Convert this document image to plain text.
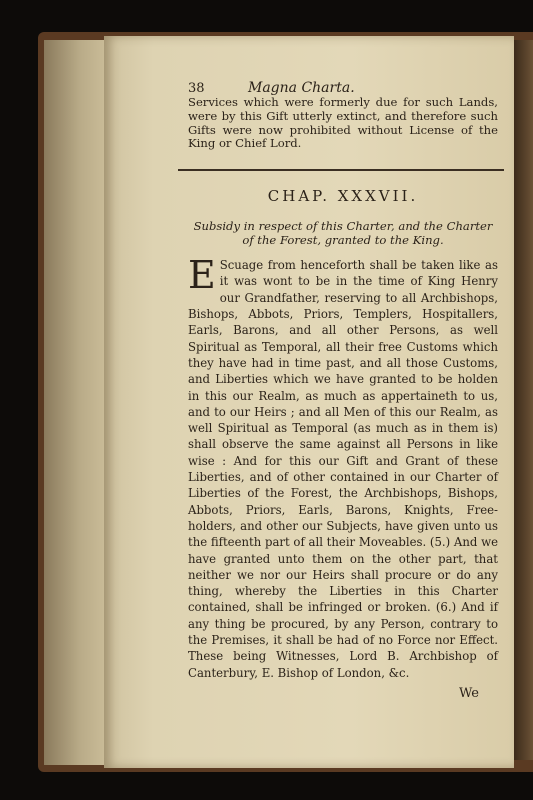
38	Magna Charta.

Services which were formerly due for such Lands, were by this Gift utterly extinct, and therefore such Gifts were now prohibited without License of the King or Chief Lord.

CHAP. XXXVII.
Subsidy in respect of this Charter, and the Charter of the Forest, granted to the King.
E Scuage from henceforth shall be taken like as it was wont to be in the time of King Henry our Grandfather, reserving to all Archbishops, Bishops, Abbots, Priors, Templers, Hospitallers, Earls, Barons, and all other Persons, as well Spiritual as Temporal, all their free Customs which they have had in time past, and all those Customs, and Liberties which we have granted to be holden in this our Realm, as much as appertaineth to us, and to our Heirs ; and all Men of this our Realm, as well Spiritual as Temporal (as much as in them is) shall observe the same against all Persons in like wise : And for this our Gift and Grant of these Liberties, and of other contained in our Charter of Liberties of the Forest, the Archbishops, Bishops, Abbots, Priors, Earls, Barons, Knights, Free-holders, and other our Subjects, have given unto us the fifteenth part of all their Moveables. (5.) And we have granted unto them on the other part, that neither we nor our Heirs shall procure or do any thing, whereby the Liberties in this Charter contained, shall be infringed or broken. (6.) And if any thing be procured, by any Person, contrary to the Premises, it shall be had of no Force nor Effect. These being Witnesses, Lord B. Archbishop of Canterbury, E. Bishop of London, &c.
We
